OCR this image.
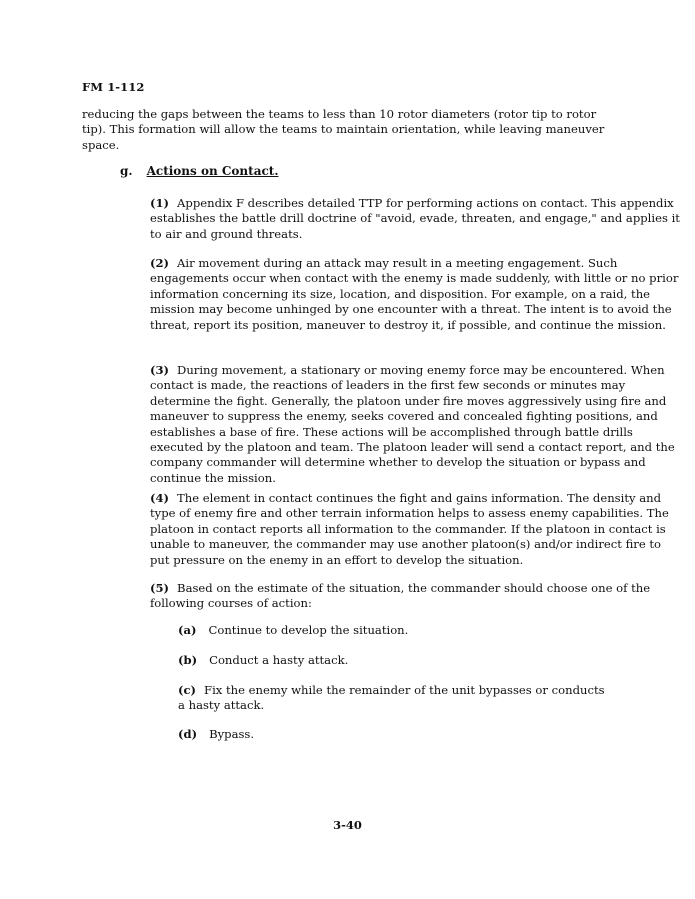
FM 1-112
reducing the gaps between the teams to less than 10 rotor diameters (rotor tip to rotor tip). This formation will allow the teams to maintain orientation, while leaving maneuver space.
g. Actions on Contact.
(1) Appendix F describes detailed TTP for performing actions on contact. This appendix establishes the battle drill doctrine of "avoid, evade, threaten, and engage," and applies it to air and ground threats.
(2) Air movement during an attack may result in a meeting engagement. Such engagements occur when contact with the enemy is made suddenly, with little or no prior information concerning its size, location, and disposition. For example, on a raid, the mission may become unhinged by one encounter with a threat. The intent is to avoid the threat, report its position, maneuver to destroy it, if possible, and continue the mission.
(3) During movement, a stationary or moving enemy force may be encountered. When contact is made, the reactions of leaders in the first few seconds or minutes may determine the fight. Generally, the platoon under fire moves aggressively using fire and maneuver to suppress the enemy, seeks covered and concealed fighting positions, and establishes a base of fire. These actions will be accomplished through battle drills executed by the platoon and team. The platoon leader will send a contact report, and the company commander will determine whether to develop the situation or bypass and continue the mission.
(4) The element in contact continues the fight and gains information. The density and type of enemy fire and other terrain information helps to assess enemy capabilities. The platoon in contact reports all information to the commander. If the platoon in contact is unable to maneuver, the commander may use another platoon(s) and/or indirect fire to put pressure on the enemy in an effort to develop the situation.
(5) Based on the estimate of the situation, the commander should choose one of the following courses of action:
(a) Continue to develop the situation.
(b) Conduct a hasty attack.
(c) Fix the enemy while the remainder of the unit bypasses or conducts a hasty attack.
(d) Bypass.
3-40
